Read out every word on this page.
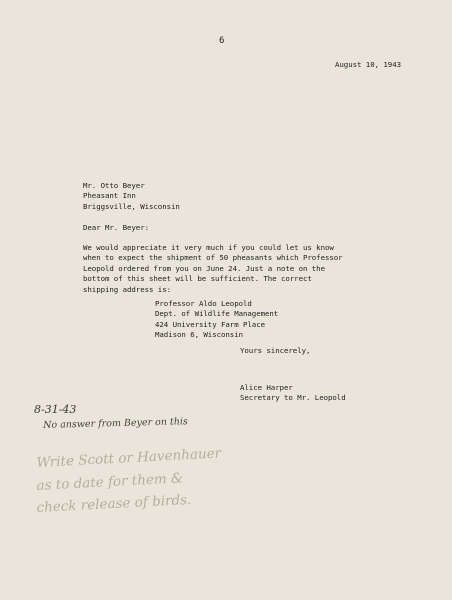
6
August 10, 1943
Mr. Otto Beyer
Pheasant Inn
Briggsville, Wisconsin
Dear Mr. Beyer:
We would appreciate it very much if you could let us know
when to expect the shipment of 50 pheasants which Professor
Leopold ordered from you on June 24. Just a note on the
bottom of this sheet will be sufficient. The correct
shipping address is:
Professor Aldo Leopold
Dept. of Wildlife Management
424 University Farm Place
Madison 6, Wisconsin
Yours sincerely,
Alice Harper
Secretary to Mr. Leopold
8-31-43
No answer from Beyer on this
Write Scott or Havenhauer
as to date for them &
check release of birds.
